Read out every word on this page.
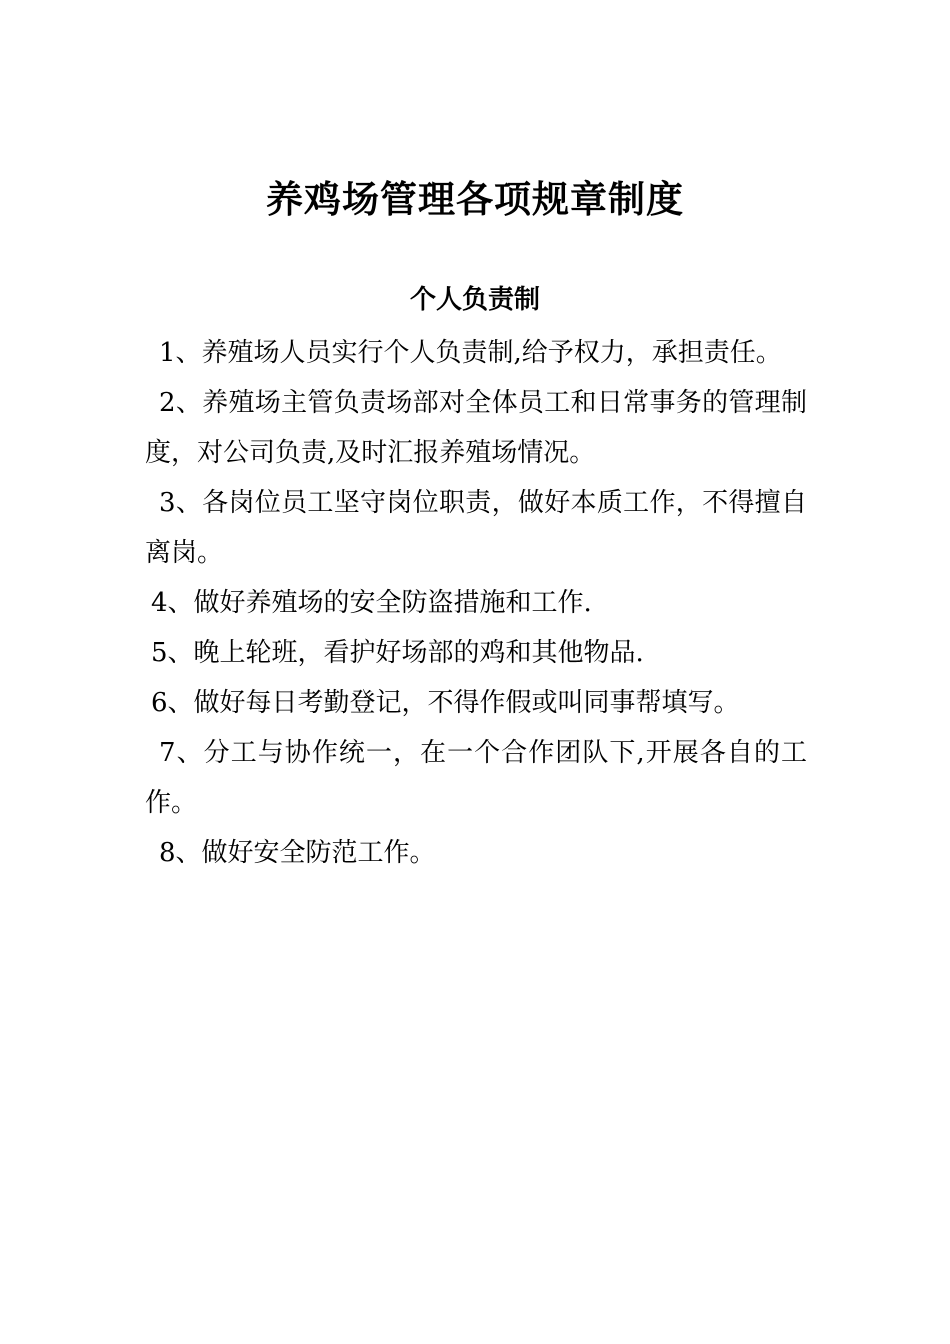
养鸡场管理各项规章制度
个人负责制

1、养殖场人员实行个人负责制,给予权力，承担责任。

2、养殖场主管负责场部对全体员工和日常事务的管理制度，对公司负责,及时汇报养殖场情况。

3、各岗位员工坚守岗位职责，做好本质工作，不得擅自离岗。

4、做好养殖场的安全防盗措施和工作.

5、晚上轮班，看护好场部的鸡和其他物品.

6、做好每日考勤登记，不得作假或叫同事帮填写。

7、分工与协作统一，在一个合作团队下,开展各自的工作。

8、做好安全防范工作。
